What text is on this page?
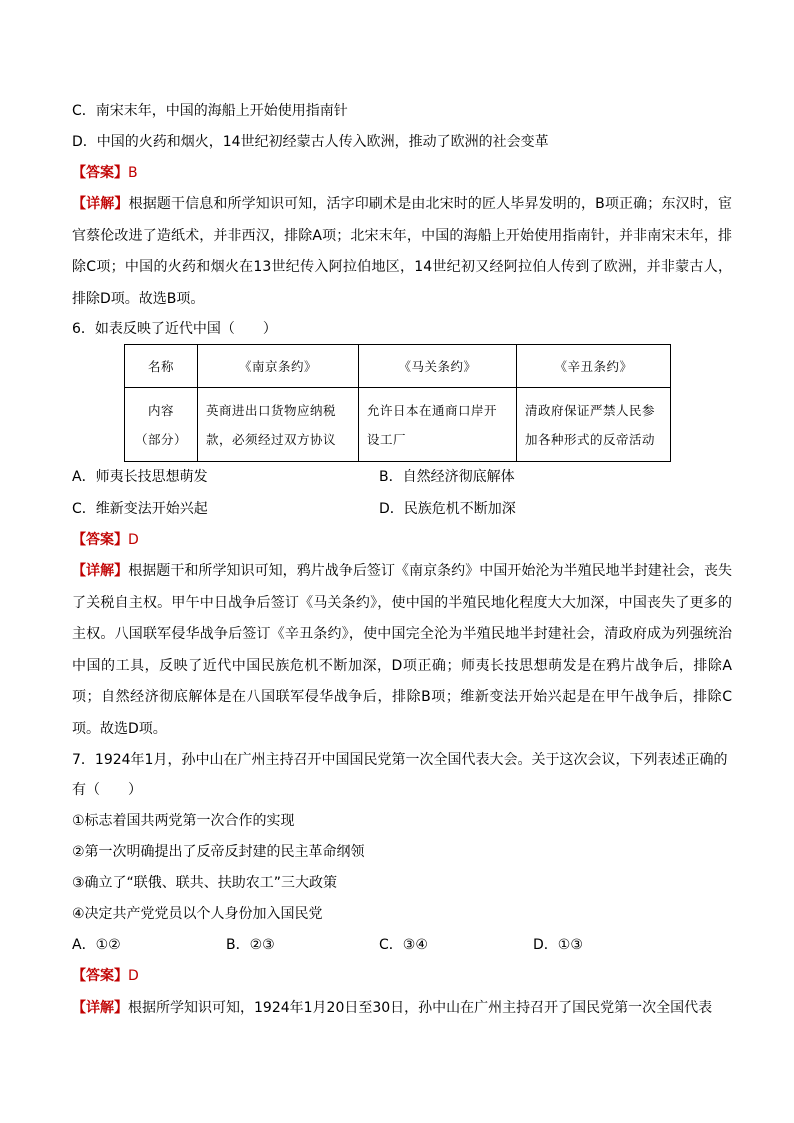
C．南宋末年，中国的海船上开始使用指南针
D．中国的火药和烟火，14世纪初经蒙古人传入欧洲，推动了欧洲的社会变革
【答案】B
【详解】根据题干信息和所学知识可知，活字印刷术是由北宋时的匠人毕昇发明的，B项正确；东汉时，宦官蔡伦改进了造纸术，并非西汉，排除A项；北宋末年，中国的海船上开始使用指南针，并非南宋末年，排除C项；中国的火药和烟火在13世纪传入阿拉伯地区，14世纪初又经阿拉伯人传到了欧洲，并非蒙古人，排除D项。故选B项。
6．如表反映了近代中国（　　）
名称	《南京条约》	《马关条约》	《辛丑条约》

内容
（部分）	英商进出口货物应纳税款，必须经过双方协议	允许日本在通商口岸开设工厂	清政府保证严禁人民参加各种形式的反帝活动
A．师夷长技思想萌发	B．自然经济彻底解体
C．维新变法开始兴起	D．民族危机不断加深
【答案】D
【详解】根据题干和所学知识可知，鸦片战争后签订《南京条约》中国开始沦为半殖民地半封建社会，丧失了关税自主权。甲午中日战争后签订《马关条约》，使中国的半殖民地化程度大大加深，中国丧失了更多的主权。八国联军侵华战争后签订《辛丑条约》，使中国完全沦为半殖民地半封建社会，清政府成为列强统治中国的工具，反映了近代中国民族危机不断加深，D项正确；师夷长技思想萌发是在鸦片战争后，排除A项；自然经济彻底解体是在八国联军侵华战争后，排除B项；维新变法开始兴起是在甲午战争后，排除C项。故选D项。
7．1924年1月，孙中山在广州主持召开中国国民党第一次全国代表大会。关于这次会议，下列表述正确的
有（　　）
①标志着国共两党第一次合作的实现
②第一次明确提出了反帝反封建的民主革命纲领
③确立了“联俄、联共、扶助农工”三大政策
④决定共产党党员以个人身份加入国民党
A．①②	B．②③	C．③④	D．①③
【答案】D
【详解】根据所学知识可知，1924年1月20日至30日，孙中山在广州主持召开了国民党第一次全国代表
